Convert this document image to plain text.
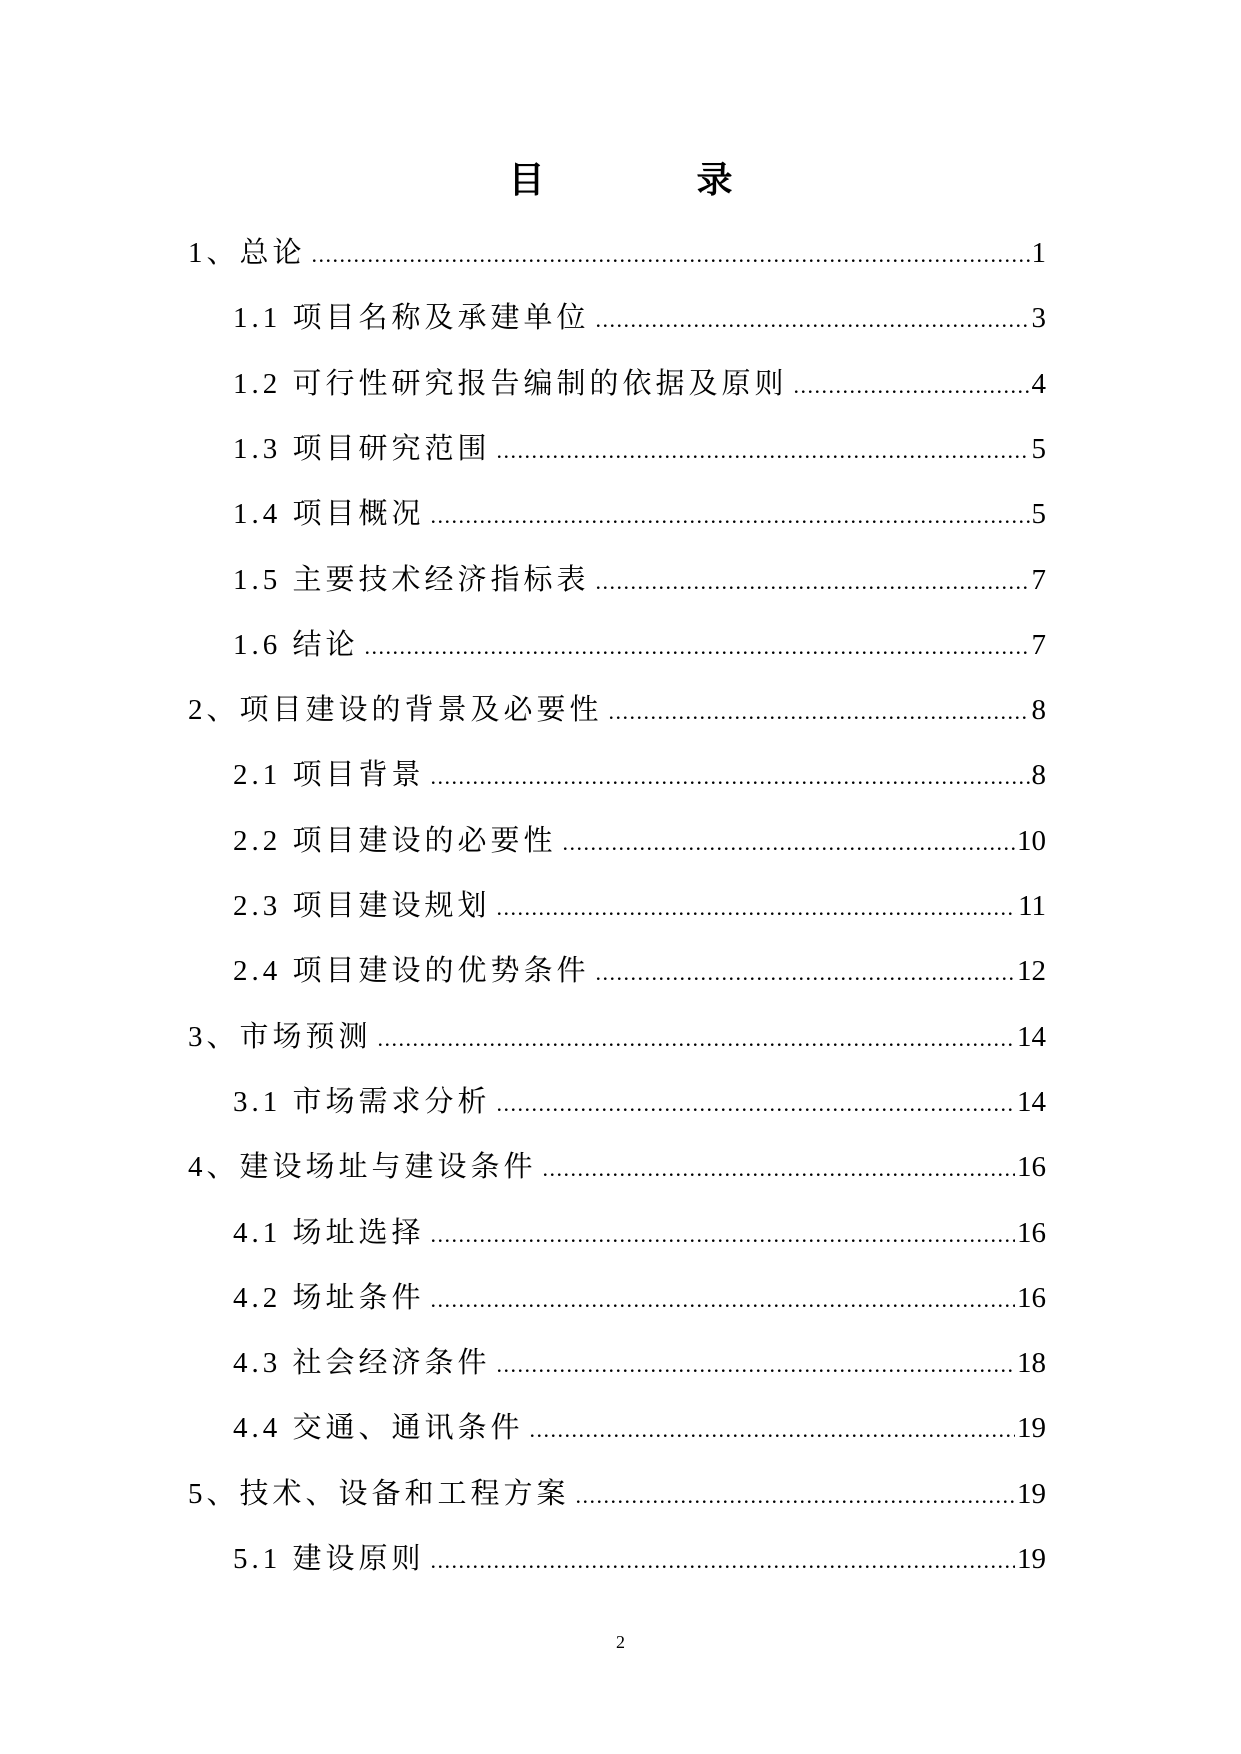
目　录
1、总论 .....	1
1.1 项目名称及承建单位 .....	3
1.2 可行性研究报告编制的依据及原则 .....	4
1.3 项目研究范围 .....	5
1.4 项目概况 .....	5
1.5 主要技术经济指标表 .....	7
1.6 结论 .....	7
2、项目建设的背景及必要性 .....	8
2.1 项目背景 .....	8
2.2 项目建设的必要性 .....	10
2.3 项目建设规划 .....	11
2.4 项目建设的优势条件 .....	12
3、市场预测 .....	14
3.1 市场需求分析 .....	14
4、建设场址与建设条件 .....	16
4.1 场址选择 .....	16
4.2 场址条件 .....	16
4.3 社会经济条件 .....	18
4.4 交通、通讯条件 .....	19
5、技术、设备和工程方案 .....	19
5.1 建设原则 .....	19
2
